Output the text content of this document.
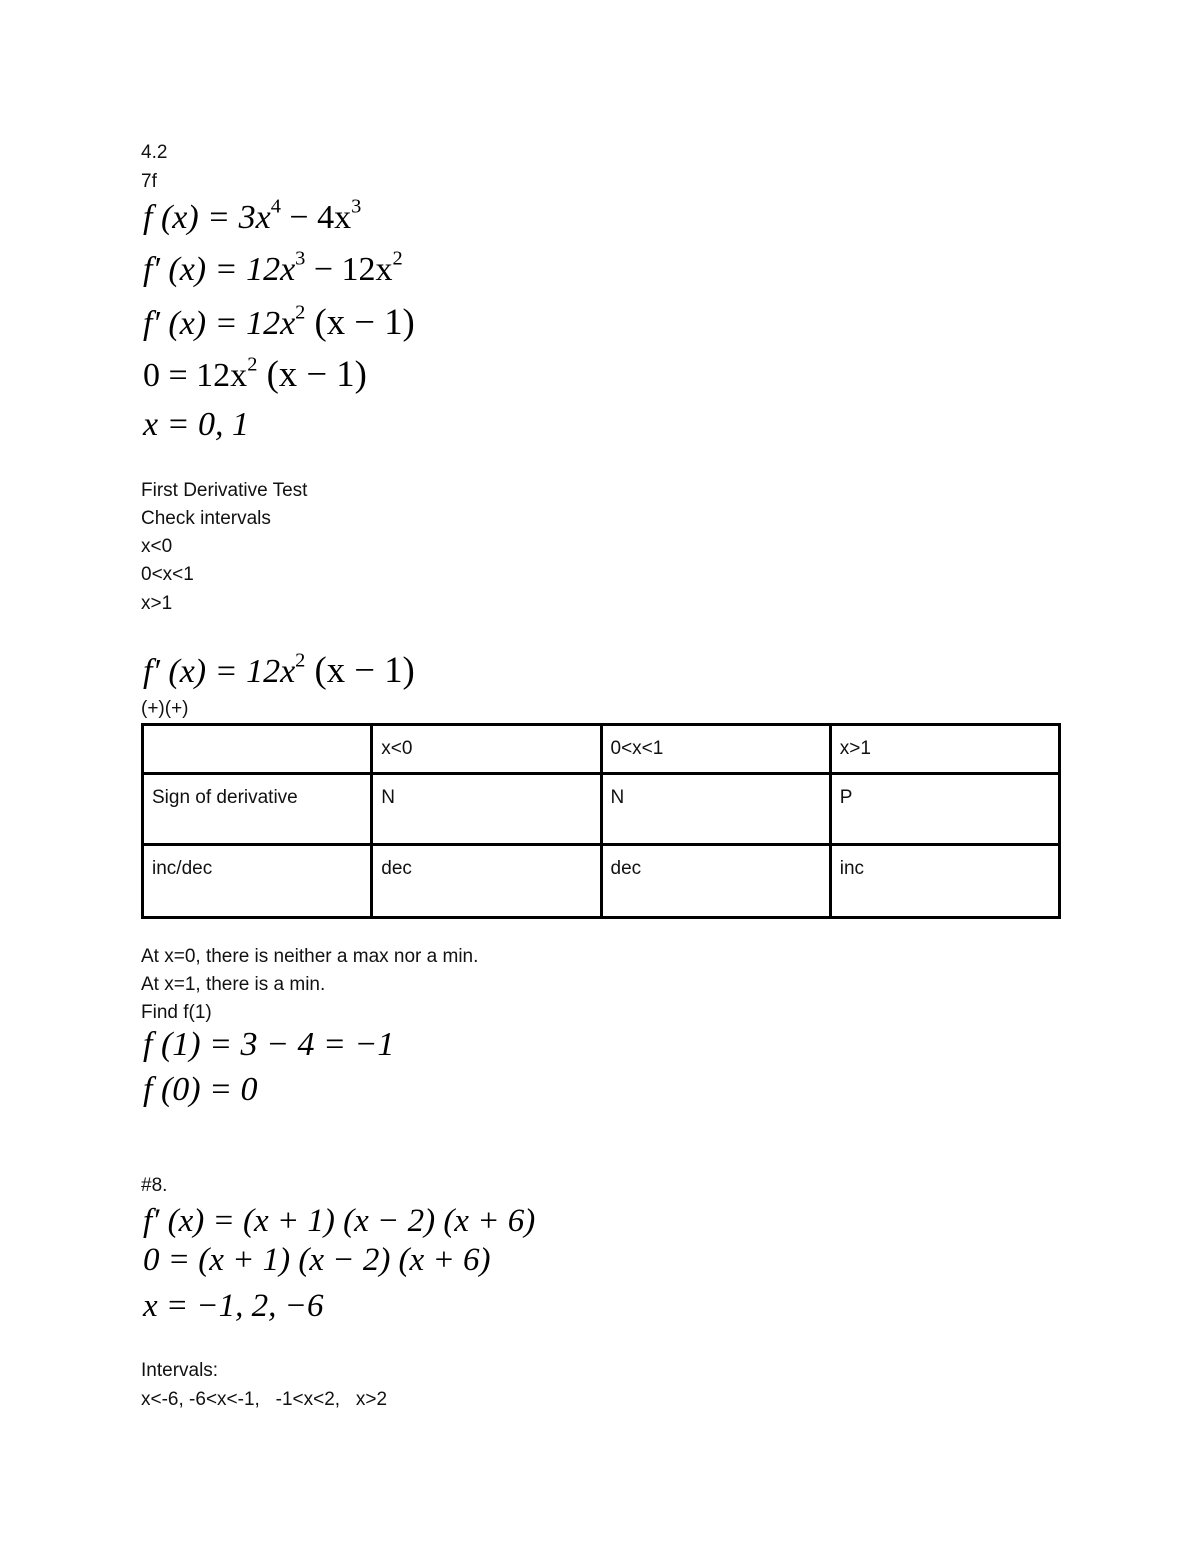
4.2

7f

f $(x) = 3x^4 - 4x^3$
f′ $(x) = 12x^3 - 12x^2$
f′ $(x) = 12x^2$ (x − 1)
$0 = 12x^2$ (x − 1)
x = 0, 1

First Derivative Test

Check intervals

x<0

0<x<1

x>1

f′ $(x) = 12x^2$ (x − 1)

(+)(+)

	x<0	0<x<1	x>1
Sign of derivative	N	N	P
inc/dec	dec	dec	inc

At x=0, there is neither a max nor a min.

At x=1, there is a min.

Find f(1)

f (1) = 3 − 4 = −1
f (0) = 0

#8.

f′ (x) = (x + 1) (x − 2) (x + 6)
0 = (x + 1) (x − 2) (x + 6)
x = −1, 2, −6

Intervals:

x<-6, -6<x<-1,   -1<x<2,   x>2
